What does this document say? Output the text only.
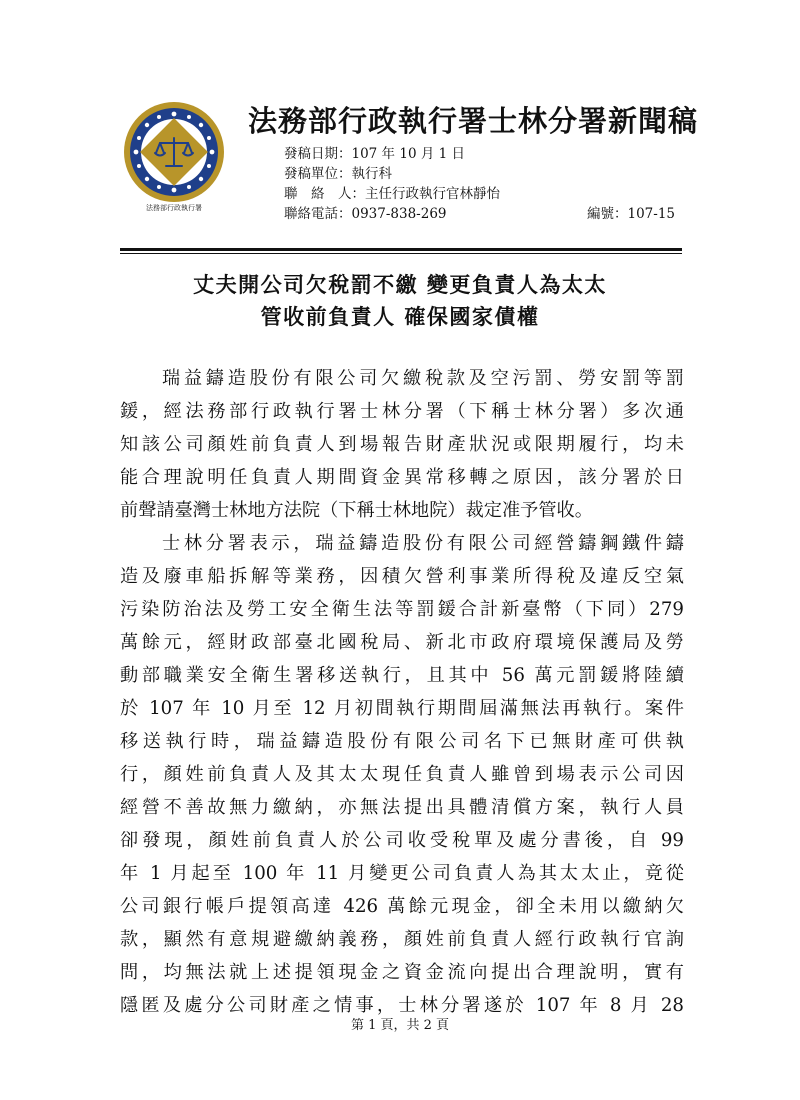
法務部行政執行署
法務部行政執行署士林分署新聞稿
發稿日期：107 年 10 月 1 日
發稿單位：執行科
聯　絡　人：主任行政執行官林靜怡
聯絡電話：0937-838-269	編號：107-15
丈夫開公司欠稅罰不繳 變更負責人為太太
管收前負責人 確保國家債權

瑞益鑄造股份有限公司欠繳稅款及空污罰、勞安罰等罰
鍰，經法務部行政執行署士林分署（下稱士林分署）多次通
知該公司顏姓前負責人到場報告財產狀況或限期履行，均未
能合理說明任負責人期間資金異常移轉之原因，該分署於日
前聲請臺灣士林地方法院（下稱士林地院）裁定准予管收。

士林分署表示，瑞益鑄造股份有限公司經營鑄鋼鐵件鑄
造及廢車船拆解等業務，因積欠營利事業所得稅及違反空氣
污染防治法及勞工安全衛生法等罰鍰合計新臺幣（下同）279
萬餘元，經財政部臺北國稅局、新北市政府環境保護局及勞
動部職業安全衛生署移送執行，且其中 56 萬元罰鍰將陸續
於 107 年 10 月至 12 月初間執行期間屆滿無法再執行。案件
移送執行時，瑞益鑄造股份有限公司名下已無財產可供執
行，顏姓前負責人及其太太現任負責人雖曾到場表示公司因
經營不善故無力繳納，亦無法提出具體清償方案，執行人員
卻發現，顏姓前負責人於公司收受稅單及處分書後，自 99
年 1 月起至 100 年 11 月變更公司負責人為其太太止，竟從
公司銀行帳戶提領高達 426 萬餘元現金，卻全未用以繳納欠
款，顯然有意規避繳納義務，顏姓前負責人經行政執行官詢
問，均無法就上述提領現金之資金流向提出合理說明，實有
隱匿及處分公司財產之情事，士林分署遂於 107 年 8 月 28

第 1 頁，共 2 頁
